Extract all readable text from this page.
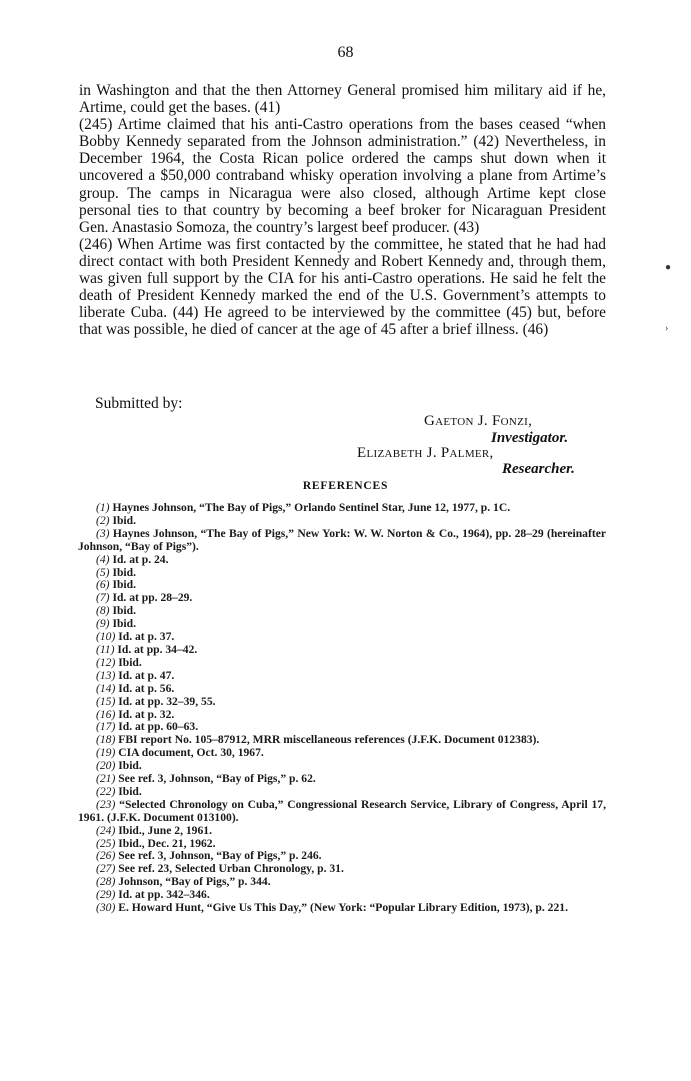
68

in Washington and that the then Attorney General promised him military aid if he, Artime, could get the bases. (41)

(245) Artime claimed that his anti-Castro operations from the bases ceased “when Bobby Kennedy separated from the Johnson administration.” (42) Nevertheless, in December 1964, the Costa Rican police ordered the camps shut down when it uncovered a $50,000 contraband whisky operation involving a plane from Artime’s group. The camps in Nicaragua were also closed, although Artime kept close personal ties to that country by becoming a beef broker for Nicaraguan President Gen. Anastasio Somoza, the country’s largest beef producer. (43)

(246) When Artime was first contacted by the committee, he stated that he had had direct contact with both President Kennedy and Robert Kennedy and, through them, was given full support by the CIA for his anti-Castro operations. He said he felt the death of President Kennedy marked the end of the U.S. Government’s attempts to liberate Cuba. (44) He agreed to be interviewed by the committee (45) but, before that was possible, he died of cancer at the age of 45 after a brief illness. (46)

Submitted by:
Gaeton J. Fonzi,
Investigator.
Elizabeth J. Palmer,
Researcher.
REFERENCES

(1) Haynes Johnson, “The Bay of Pigs,” Orlando Sentinel Star, June 12, 1977, p. 1C.

(2) Ibid.

(3) Haynes Johnson, “The Bay of Pigs,” New York: W. W. Norton & Co., 1964), pp. 28–29 (hereinafter Johnson, “Bay of Pigs”).

(4) Id. at p. 24.

(5) Ibid.

(6) Ibid.

(7) Id. at pp. 28–29.

(8) Ibid.

(9) Ibid.

(10) Id. at p. 37.

(11) Id. at pp. 34–42.

(12) Ibid.

(13) Id. at p. 47.

(14) Id. at p. 56.

(15) Id. at pp. 32–39, 55.

(16) Id. at p. 32.

(17) Id. at pp. 60–63.

(18) FBI report No. 105–87912, MRR miscellaneous references (J.F.K. Document 012383).

(19) CIA document, Oct. 30, 1967.

(20) Ibid.

(21) See ref. 3, Johnson, “Bay of Pigs,” p. 62.

(22) Ibid.

(23) “Selected Chronology on Cuba,” Congressional Research Service, Library of Congress, April 17, 1961. (J.F.K. Document 013100).

(24) Ibid., June 2, 1961.

(25) Ibid., Dec. 21, 1962.

(26) See ref. 3, Johnson, “Bay of Pigs,” p. 246.

(27) See ref. 23, Selected Urban Chronology, p. 31.

(28) Johnson, “Bay of Pigs,” p. 344.

(29) Id. at pp. 342–346.

(30) E. Howard Hunt, “Give Us This Day,” (New York: “Popular Library Edition, 1973), p. 221.

●
›
